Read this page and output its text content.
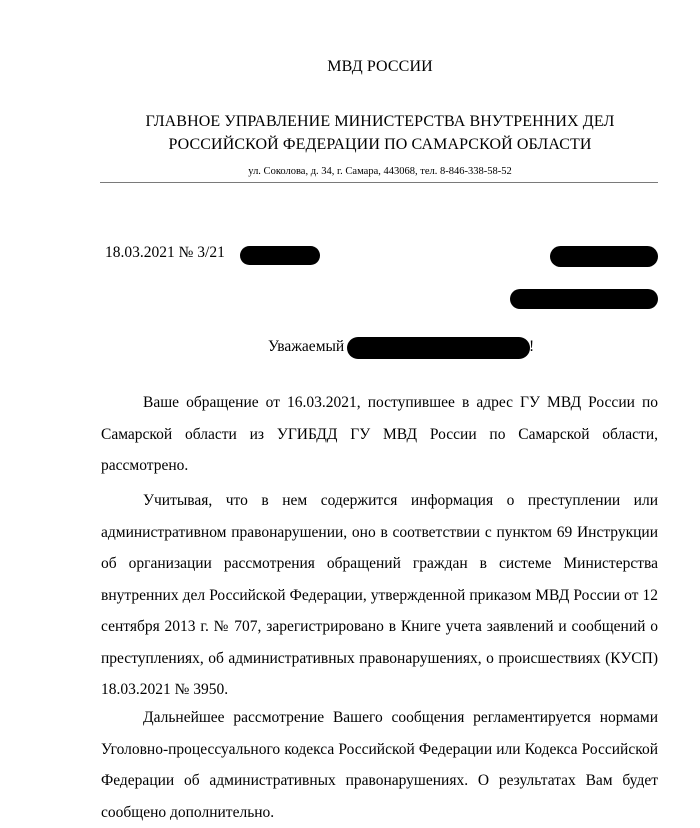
МВД РОССИИ
ГЛАВНОЕ УПРАВЛЕНИЕ МИНИСТЕРСТВА ВНУТРЕННИХ ДЕЛ
РОССИЙСКОЙ ФЕДЕРАЦИИ ПО САМАРСКОЙ ОБЛАСТИ
ул. Соколова, д. 34, г. Самара, 443068, тел. 8-846-338-58-52
18.03.2021 № 3/21
Уважаемый	!

Ваше обращение от 16.03.2021, поступившее в адрес ГУ МВД России по Самарской области из УГИБДД ГУ МВД России по Самарской области, рассмотрено.

Учитывая, что в нем содержится информация о преступлении или административном правонарушении, оно в соответствии с пунктом 69 Инструкции об организации рассмотрения обращений граждан в системе Министерства внутренних дел Российской Федерации, утвержденной приказом МВД России от 12 сентября 2013 г. № 707, зарегистрировано в Книге учета заявлений и сообщений о преступлениях, об административных правонарушениях, о происшествиях (КУСП) 18.03.2021 № 3950.

Дальнейшее рассмотрение Вашего сообщения регламентируется нормами Уголовно-процессуального кодекса Российской Федерации или Кодекса Российской Федерации об административных правонарушениях. О результатах Вам будет сообщено дополнительно.
